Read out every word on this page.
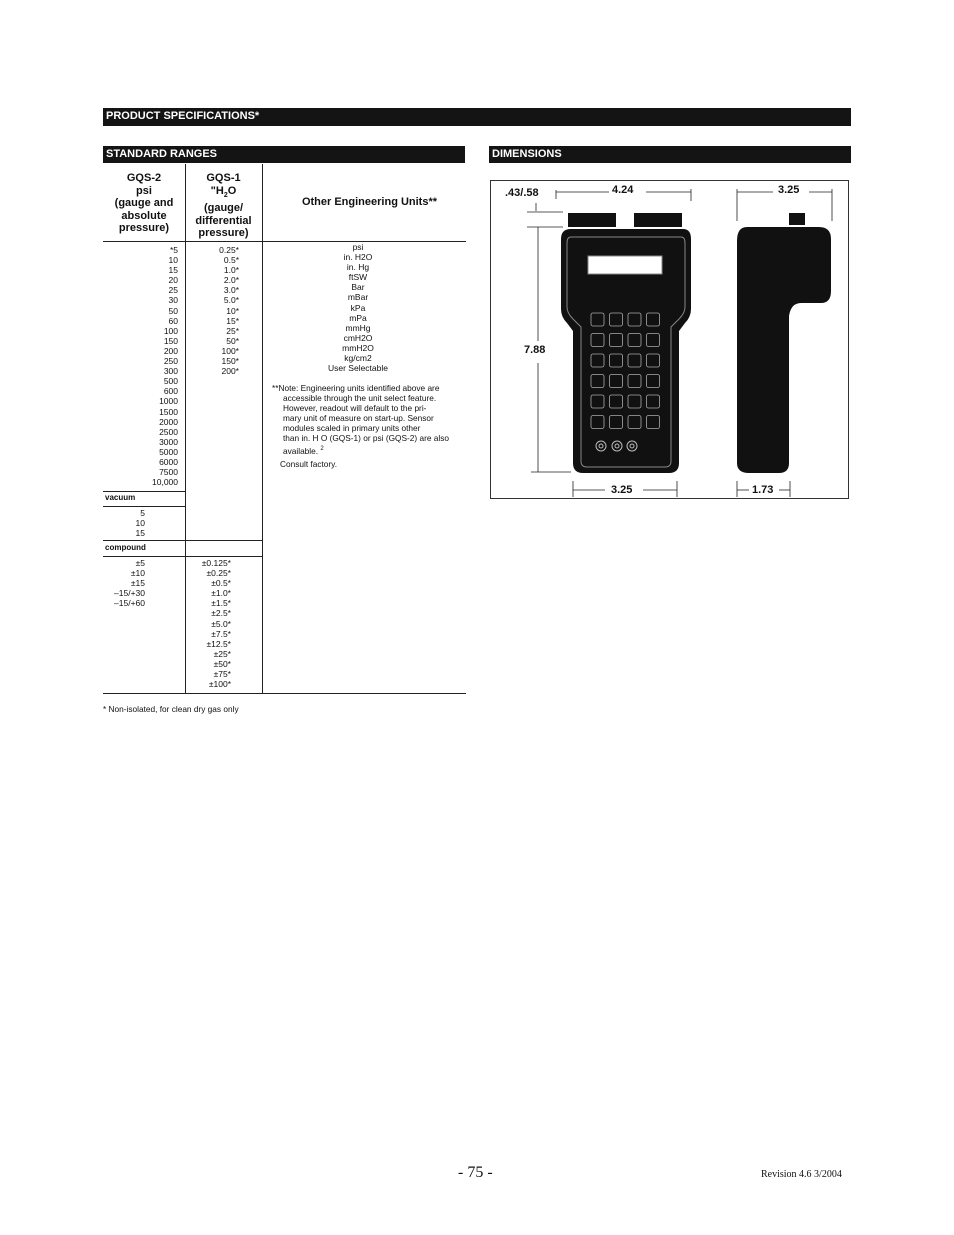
PRODUCT SPECIFICATIONS*
STANDARD RANGES
GQS-2
psi
(gauge and
absolute
pressure)
GQS-1
"$H_2O$
(gauge/
differential
pressure)
Other Engineering Units**
*5
10
15
20
25
30
50
60
100
150
200
250
300
500
600
1000
1500
2000
2500
3000
5000
6000
7500
10,000
0.25*
0.5*
1.0*
2.0*
3.0*
5.0*
10*
15*
25*
50*
100*
150*
200*
psi
in. H2O
in. Hg
ftSW
Bar
mBar
kPa
mPa
mmHg
cmH2O
mmH2O
kg/cm2
User Selectable
vacuum
5
10
15
compound
±5
±10
±15
–15/+30
–15/+60
±0.125*
±0.25*
±0.5*
±1.0*
±1.5*
±2.5*
±5.0*
±7.5*
±12.5*
±25*
±50*
±75*
±100*
**Note: Engineering units identified above are
accessible through the unit select feature.
However, readout will default to the pri-
mary unit of measure on start-up. Sensor
modules scaled in primary units other
than in. H O (GQS-1) or psi (GQS-2) are also
available. $^2$
Consult factory.
* Non-isolated, for clean dry gas only
DIMENSIONS
.43/.58	4.24
7.88
3.25
3.25
1.73
- 75 -	Revision 4.6 3/2004
